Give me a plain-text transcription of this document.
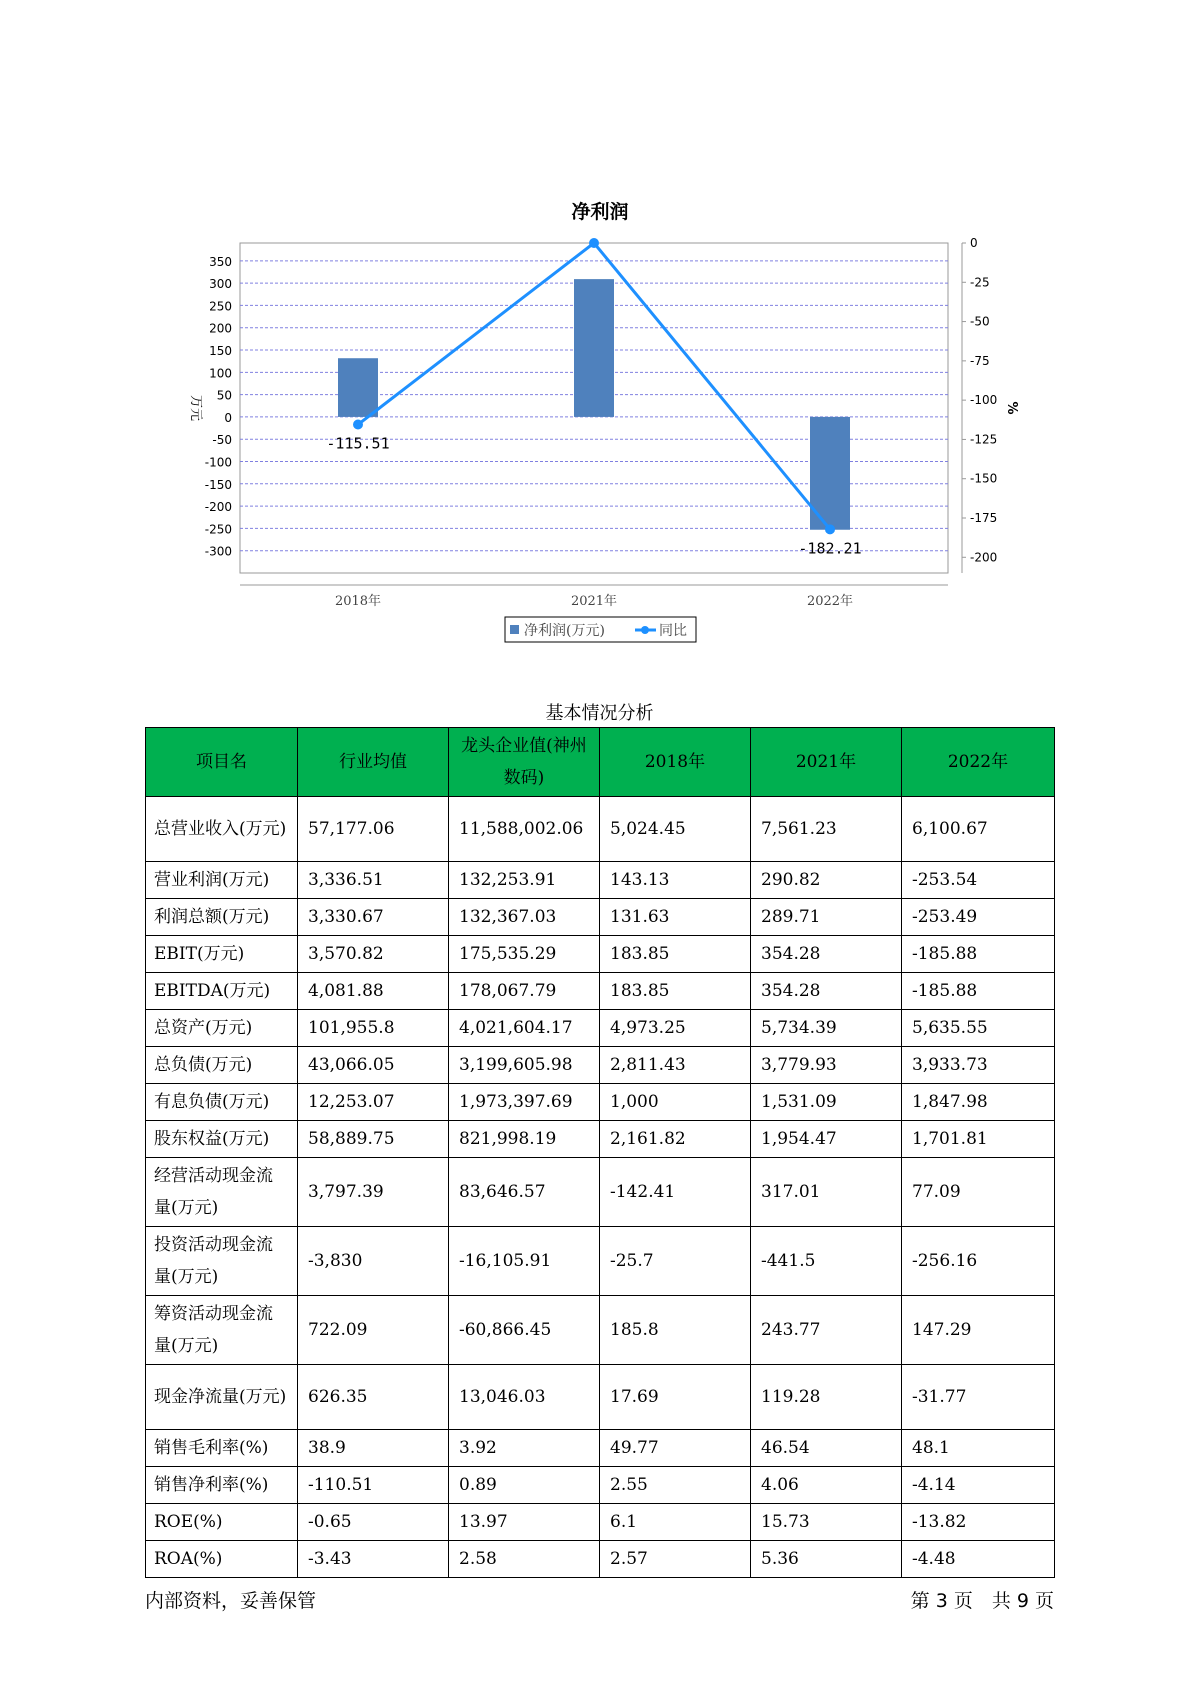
净利润
350
300
250
200
150
100
50
0
-50
-100
-150
-200
-250
-300
0
-25
-50
-75
-100
-125
-150
-175
-200
-115.51
-182.21
2018年	2021年	2022年
万元	%
净利润(万元)	同比
基本情况分析
项目名	行业均值	龙头企业值(神州数码)	2018年	2021年	2022年
总营业收入(万元)	57,177.06	11,588,002.06	5,024.45	7,561.23	6,100.67
营业利润(万元)	3,336.51	132,253.91	143.13	290.82	-253.54
利润总额(万元)	3,330.67	132,367.03	131.63	289.71	-253.49
EBIT(万元)	3,570.82	175,535.29	183.85	354.28	-185.88
EBITDA(万元)	4,081.88	178,067.79	183.85	354.28	-185.88
总资产(万元)	101,955.8	4,021,604.17	4,973.25	5,734.39	5,635.55
总负债(万元)	43,066.05	3,199,605.98	2,811.43	3,779.93	3,933.73
有息负债(万元)	12,253.07	1,973,397.69	1,000	1,531.09	1,847.98
股东权益(万元)	58,889.75	821,998.19	2,161.82	1,954.47	1,701.81
经营活动现金流量(万元)	3,797.39	83,646.57	-142.41	317.01	77.09
投资活动现金流量(万元)	-3,830	-16,105.91	-25.7	-441.5	-256.16
筹资活动现金流量(万元)	722.09	-60,866.45	185.8	243.77	147.29
现金净流量(万元)	626.35	13,046.03	17.69	119.28	-31.77
销售毛利率(%)	38.9	3.92	49.77	46.54	48.1
销售净利率(%)	-110.51	0.89	2.55	4.06	-4.14
ROE(%)	-0.65	13.97	6.1	15.73	-13.82
ROA(%)	-3.43	2.58	2.57	5.36	-4.48
内部资料，妥善保管	第 3 页　共 9 页
